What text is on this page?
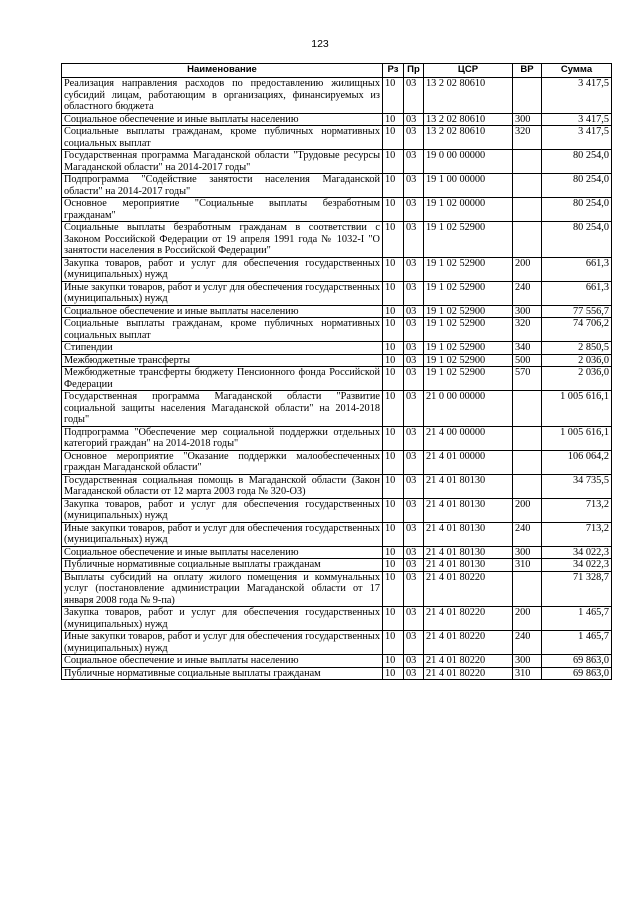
123
Наименование	Рз	Пр	ЦСР	ВР	Сумма
Реализация направления расходов по предоставлению жилищных субсидий лицам, работающим в организациях, финансируемых из областного бюджета	10	03	13 2 02 80610		3 417,5
Социальное обеспечение и иные выплаты населению	10	03	13 2 02 80610	300	3 417,5
Социальные выплаты гражданам, кроме публичных нормативных социальных выплат	10	03	13 2 02 80610	320	3 417,5
Государственная программа Магаданской области "Трудовые ресурсы Магаданской области" на 2014-2017 годы"	10	03	19 0 00 00000		80 254,0
Подпрограмма "Содействие занятости населения Магаданской области" на 2014-2017 годы"	10	03	19 1 00 00000		80 254,0
Основное мероприятие "Социальные выплаты безработным гражданам"	10	03	19 1 02 00000		80 254,0
Социальные выплаты безработным гражданам в соответствии с Законом Российской Федерации от 19 апреля 1991 года № 1032-I "О занятости населения в Российской Федерации"	10	03	19 1 02 52900		80 254,0
Закупка товаров, работ и услуг для обеспечения государственных (муниципальных) нужд	10	03	19 1 02 52900	200	661,3
Иные закупки товаров, работ и услуг для обеспечения государственных (муниципальных) нужд	10	03	19 1 02 52900	240	661,3
Социальное обеспечение и иные выплаты населению	10	03	19 1 02 52900	300	77 556,7
Социальные выплаты гражданам, кроме публичных нормативных социальных выплат	10	03	19 1 02 52900	320	74 706,2
Стипендии	10	03	19 1 02 52900	340	2 850,5
Межбюджетные трансферты	10	03	19 1 02 52900	500	2 036,0
Межбюджетные трансферты бюджету Пенсионного фонда Российской Федерации	10	03	19 1 02 52900	570	2 036,0
Государственная программа Магаданской области "Развитие социальной защиты населения Магаданской области" на 2014-2018 годы"	10	03	21 0 00 00000		1 005 616,1
Подпрограмма "Обеспечение мер социальной поддержки отдельных категорий граждан" на 2014-2018 годы"	10	03	21 4 00 00000		1 005 616,1
Основное мероприятие "Оказание поддержки малообеспеченных граждан Магаданской области"	10	03	21 4 01 00000		106 064,2
Государственная социальная помощь в Магаданской области (Закон Магаданской области от 12 марта 2003 года № 320-ОЗ)	10	03	21 4 01 80130		34 735,5
Закупка товаров, работ и услуг для обеспечения государственных (муниципальных) нужд	10	03	21 4 01 80130	200	713,2
Иные закупки товаров, работ и услуг для обеспечения государственных (муниципальных) нужд	10	03	21 4 01 80130	240	713,2
Социальное обеспечение и иные выплаты населению	10	03	21 4 01 80130	300	34 022,3
Публичные нормативные социальные выплаты гражданам	10	03	21 4 01 80130	310	34 022,3
Выплаты субсидий на оплату жилого помещения и коммунальных услуг (постановление администрации Магаданской области от 17 января 2008 года № 9-па)	10	03	21 4 01 80220		71 328,7
Закупка товаров, работ и услуг для обеспечения государственных (муниципальных) нужд	10	03	21 4 01 80220	200	1 465,7
Иные закупки товаров, работ и услуг для обеспечения государственных (муниципальных) нужд	10	03	21 4 01 80220	240	1 465,7
Социальное обеспечение и иные выплаты населению	10	03	21 4 01 80220	300	69 863,0
Публичные нормативные социальные выплаты гражданам	10	03	21 4 01 80220	310	69 863,0
